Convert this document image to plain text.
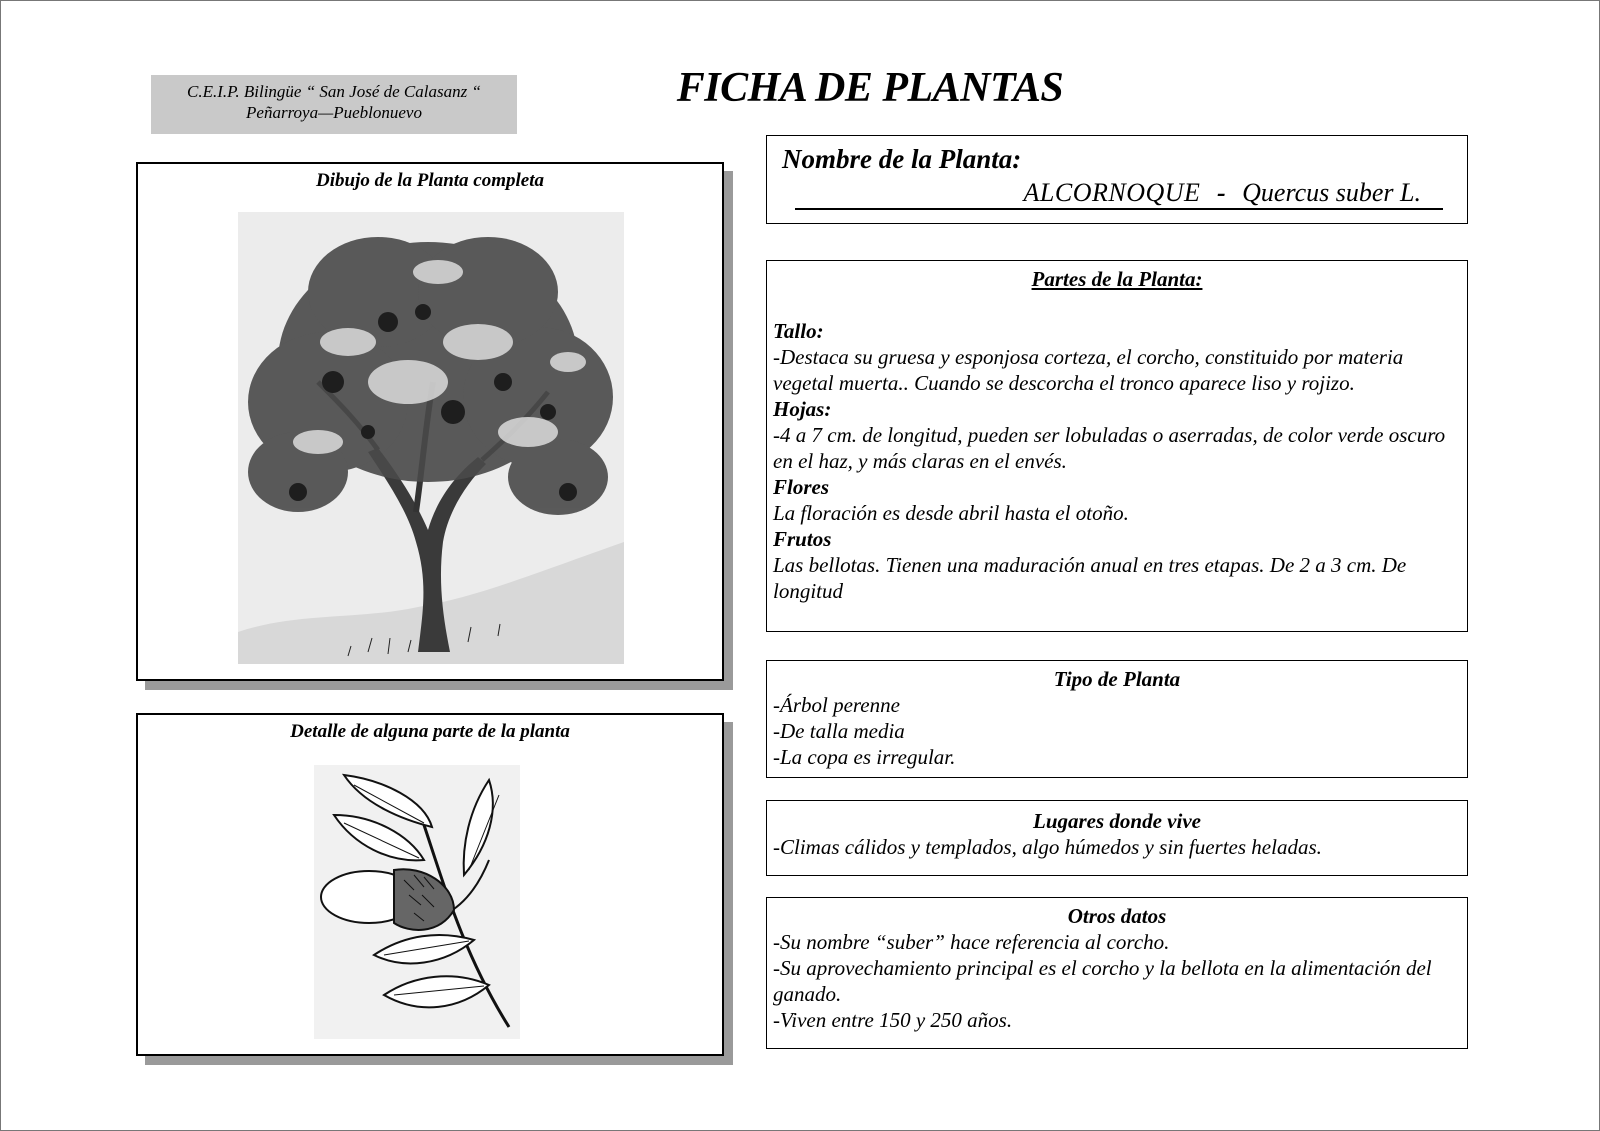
C.E.I.P. Bilingüe “ San José de Calasanz “
Peñarroya—Pueblonuevo
FICHA DE PLANTAS
Dibujo de la Planta completa
Detalle de alguna parte de la planta
Nombre de la Planta:
ALCORNOQUE - Quercus suber L.
Partes de la Planta:
Tallo:
-Destaca su gruesa y esponjosa corteza, el corcho, constituido por materia vegetal muerta.. Cuando se descorcha el tronco aparece liso y rojizo.
Hojas:
-4 a 7 cm. de longitud, pueden ser lobuladas o aserradas, de color verde oscuro en el haz, y más claras en el envés.
Flores
La floración es desde abril hasta el otoño.
Frutos
Las bellotas. Tienen una maduración anual en tres etapas. De 2 a 3 cm. De longitud
Tipo de Planta
-Árbol perenne
-De talla media
-La copa es irregular.
Lugares donde vive
-Climas cálidos y templados, algo húmedos y sin fuertes heladas.
Otros datos
-Su nombre “suber” hace referencia al corcho.
-Su aprovechamiento principal es el corcho y la bellota en la alimentación del ganado.
-Viven entre 150 y 250 años.
